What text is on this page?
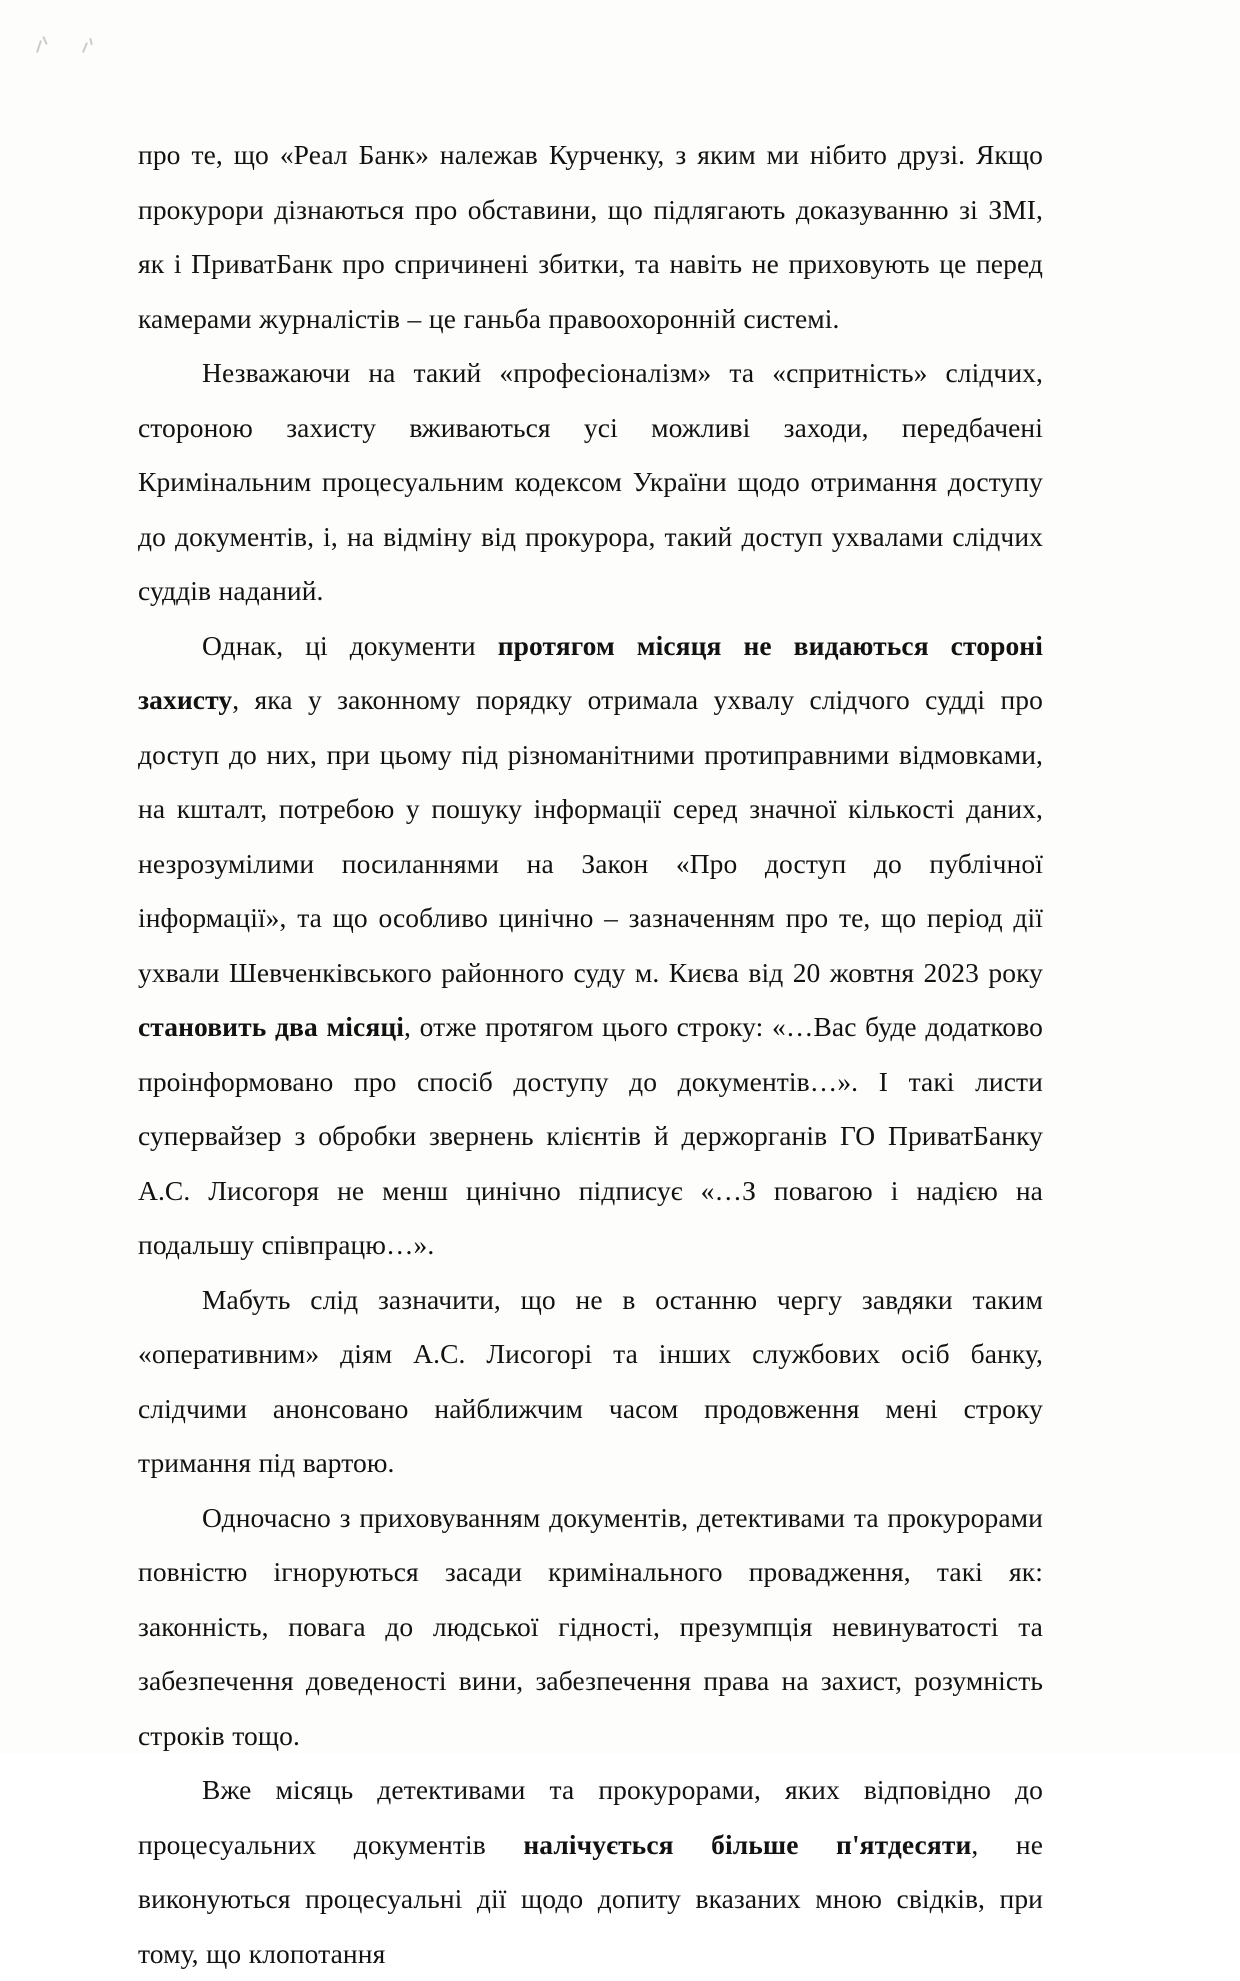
про те, що «Реал Банк» належав Курченку, з яким ми нібито друзі. Якщо прокурори дізнаються про обставини, що підлягають доказуванню зі ЗМІ, як і ПриватБанк про спричинені збитки, та навіть не приховують це перед камерами журналістів – це ганьба правоохоронній системі.

Незважаючи на такий «професіоналізм» та «спритність» слідчих, стороною захисту вживаються усі можливі заходи, передбачені Кримінальним процесуальним кодексом України щодо отримання доступу до документів, і, на відміну від прокурора, такий доступ ухвалами слідчих суддів наданий.

Однак, ці документи протягом місяця не видаються стороні захисту, яка у законному порядку отримала ухвалу слідчого судді про доступ до них, при цьому під різноманітними протиправними відмовками, на кшталт, потребою у пошуку інформації серед значної кількості даних, незрозумілими посиланнями на Закон «Про доступ до публічної інформації», та що особливо цинічно – зазначенням про те, що період дії ухвали Шевченківського районного суду м. Києва від 20 жовтня 2023 року становить два місяці, отже протягом цього строку: «…Вас буде додатково проінформовано про спосіб доступу до документів…». І такі листи супервайзер з обробки звернень клієнтів й держорганів ГО ПриватБанку А.С. Лисогоря не менш цинічно підписує «…З повагою і надією на подальшу співпрацю…».

Мабуть слід зазначити, що не в останню чергу завдяки таким «оперативним» діям А.С. Лисогорі та інших службових осіб банку, слідчими анонсовано найближчим часом продовження мені строку тримання під вартою.

Одночасно з приховуванням документів, детективами та прокурорами повністю ігноруються засади кримінального провадження, такі як: законність, повага до людської гідності, презумпція невинуватості та забезпечення доведеності вини, забезпечення права на захист, розумність строків тощо.

Вже місяць детективами та прокурорами, яких відповідно до процесуальних документів налічується більше п'ятдесяти, не виконуються процесуальні дії щодо допиту вказаних мною свідків, при тому, що клопотання
